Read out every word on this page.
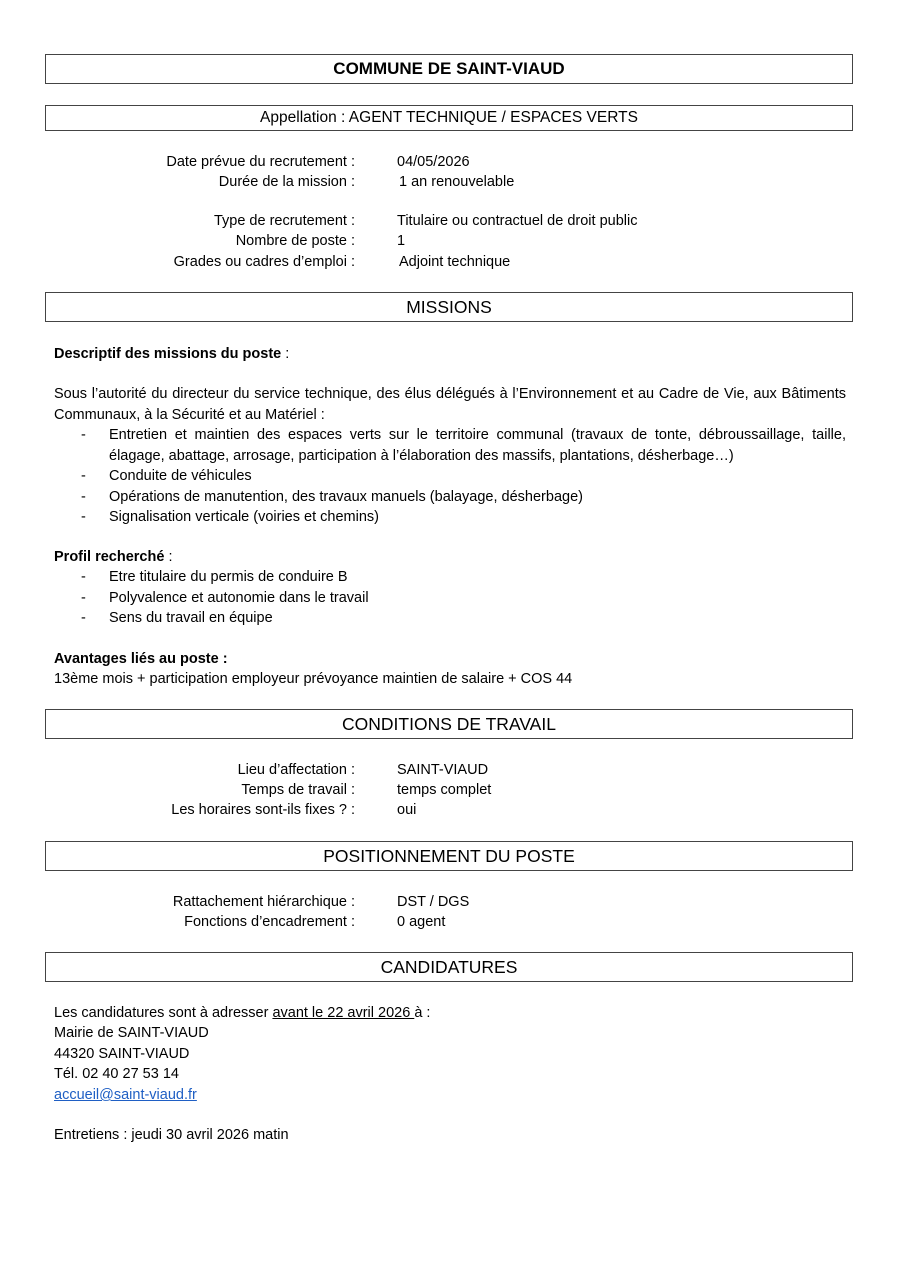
COMMUNE DE SAINT-VIAUD
Appellation : AGENT TECHNIQUE / ESPACES VERTS
Date prévue du recrutement :	04/05/2026
Durée de la mission :	1 an renouvelable
Type de recrutement :	Titulaire ou contractuel de droit public
Nombre de poste :	1
Grades ou cadres d’emploi :	Adjoint technique
MISSIONS
Descriptif des missions du poste :
Sous l’autorité du directeur du service technique, des élus délégués à l’Environnement et au Cadre de Vie, aux Bâtiments Communaux, à la Sécurité et au Matériel :
- Entretien et maintien des espaces verts sur le territoire communal (travaux de tonte, débroussaillage, taille, élagage, abattage, arrosage, participation à l’élaboration des massifs, plantations, désherbage…)
- Conduite de véhicules
- Opérations de manutention, des travaux manuels (balayage, désherbage)
- Signalisation verticale (voiries et chemins)
Profil recherché :
- Etre titulaire du permis de conduire B
- Polyvalence et autonomie dans le travail
- Sens du travail en équipe
Avantages liés au poste :
13ème mois + participation employeur prévoyance maintien de salaire + COS 44
CONDITIONS DE TRAVAIL
Lieu d’affectation :	SAINT-VIAUD
Temps de travail :	temps complet
Les horaires sont-ils fixes ? :	oui
POSITIONNEMENT DU POSTE
Rattachement hiérarchique :	DST / DGS
Fonctions d’encadrement :	0 agent
CANDIDATURES
Les candidatures sont à adresser avant le 22 avril 2026 à :
Mairie de SAINT-VIAUD
44320 SAINT-VIAUD
Tél. 02 40 27 53 14
accueil@saint-viaud.fr
Entretiens : jeudi 30 avril 2026 matin
